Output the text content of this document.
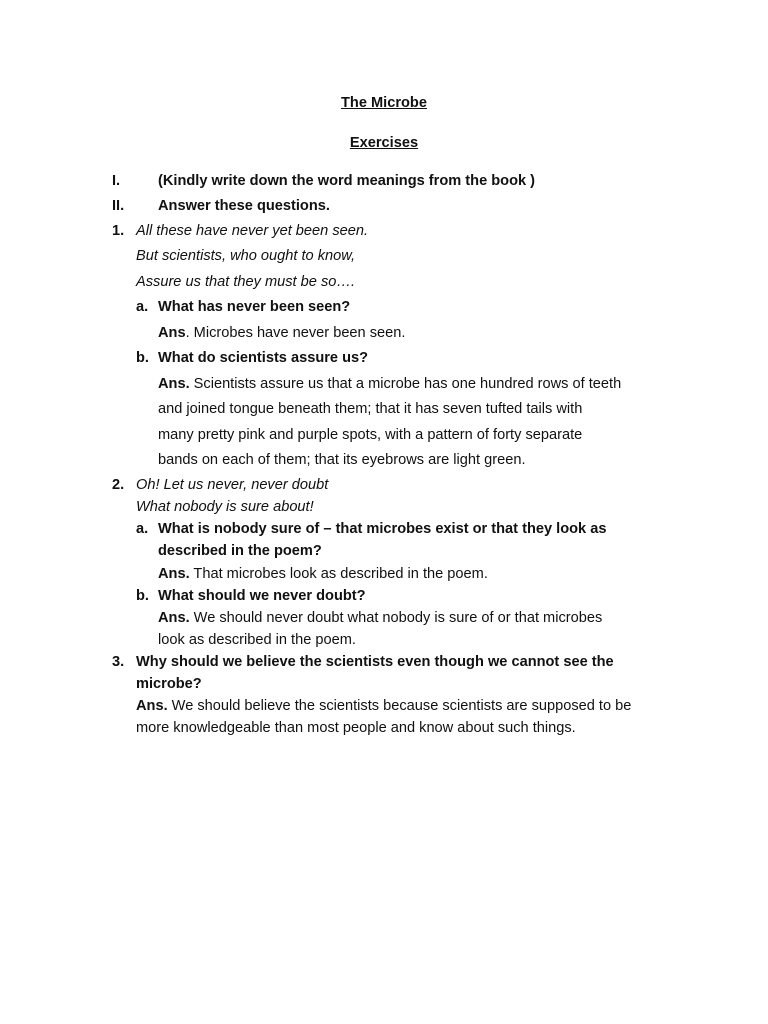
The Microbe
Exercises
I.	(Kindly write down the word meanings from the book )
II. Answer these questions.
1. All these have never yet been seen.
But scientists, who ought to know,
Assure us that they must be so….
a. What has never been seen?
Ans. Microbes have never been seen.
b. What do scientists assure us?
Ans. Scientists assure us that a microbe has one hundred rows of teeth
and joined tongue beneath them; that it has seven tufted tails with
many pretty pink and purple spots, with a pattern of forty separate
bands on each of them; that its eyebrows are light green.
2. Oh! Let us never, never doubt
What nobody is sure about!
a. What is nobody sure of – that microbes exist or that they look as
described in the poem?
Ans. That microbes look as described in the poem.
b. What should we never doubt?
Ans. We should never doubt what nobody is sure of or that microbes
look as described in the poem.
3. Why should we believe the scientists even though we cannot see the
microbe?
Ans. We should believe the scientists because scientists are supposed to be
more knowledgeable than most people and know about such things.
